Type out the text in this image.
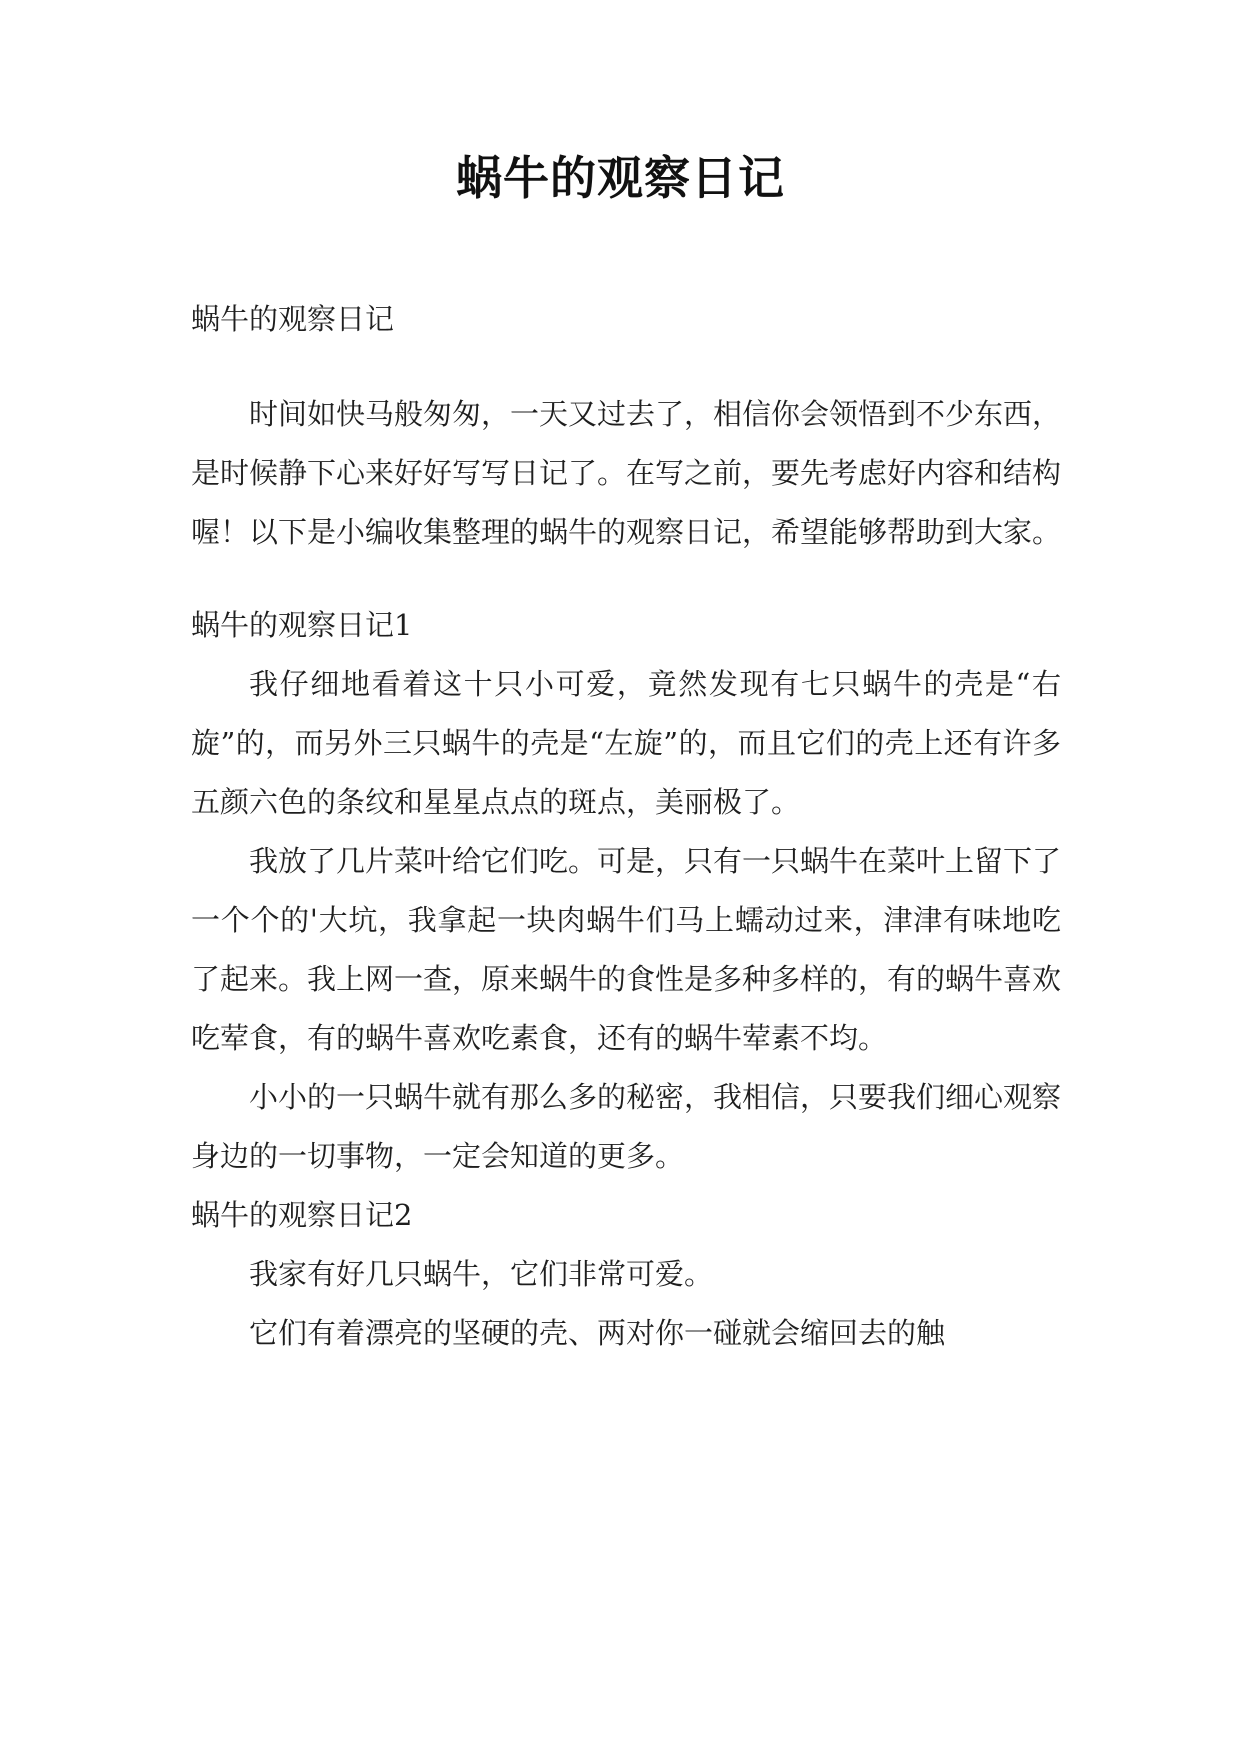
蜗牛的观察日记

蜗牛的观察日记

时间如快马般匆匆，一天又过去了，相信你会领悟到不少东西，是时候静下心来好好写写日记了。在写之前，要先考虑好内容和结构喔！以下是小编收集整理的蜗牛的观察日记，希望能够帮助到大家。

蜗牛的观察日记1

我仔细地看着这十只小可爱，竟然发现有七只蜗牛的壳是“右旋”的，而另外三只蜗牛的壳是“左旋”的，而且它们的壳上还有许多五颜六色的条纹和星星点点的斑点，美丽极了。

我放了几片菜叶给它们吃。可是，只有一只蜗牛在菜叶上留下了一个个的'大坑，我拿起一块肉蜗牛们马上蠕动过来，津津有味地吃了起来。我上网一查，原来蜗牛的食性是多种多样的，有的蜗牛喜欢吃荤食，有的蜗牛喜欢吃素食，还有的蜗牛荤素不均。

小小的一只蜗牛就有那么多的秘密，我相信，只要我们细心观察身边的一切事物，一定会知道的更多。

蜗牛的观察日记2

我家有好几只蜗牛，它们非常可爱。

它们有着漂亮的坚硬的壳、两对你一碰就会缩回去的触
